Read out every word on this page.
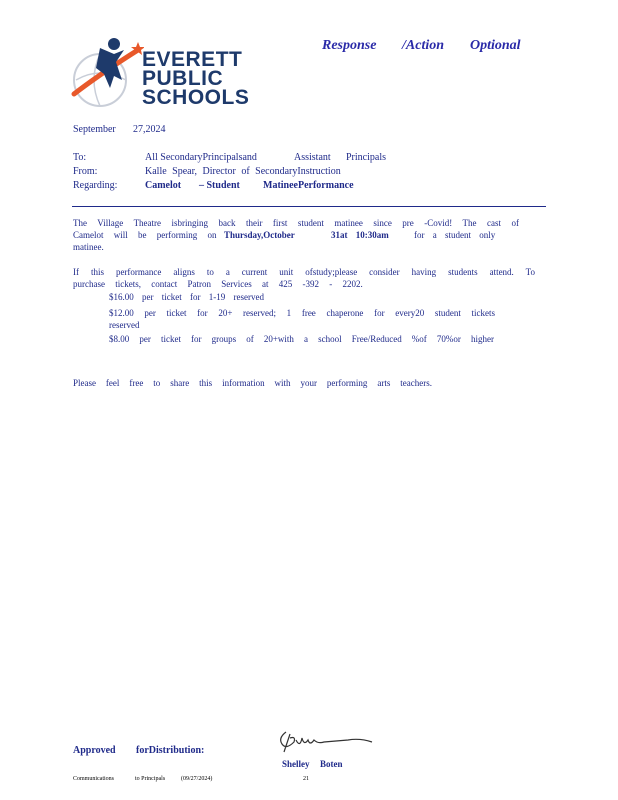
EVERETT
PUBLIC
SCHOOLS
Response /Action Optional
September 27,2024
To:	All SecondaryPrincipalsand	Assistant Principals
From:	Kalle Spear, Director of SecondaryInstruction
Regarding:	Camelot – Student MatineePerformance
The Village Theatre isbringing back their first student matinee since pre -Covid! The cast of
Camelot will be performing on Thursday,October	31at 10:30am	for a student only
matinee.
If this performance aligns to a current unit ofstudy;please consider having students attend. To
purchase tickets, contact Patron Services at 425 -392 - 2202.
$16.00 per ticket for 1-19 reserved
$12.00 per ticket for 20+ reserved; 1 free chaperone for every20 student tickets
reserved
$8.00 per ticket for groups of 20+with a school Free/Reduced %of 70%or higher
Please feel free to share this information with your performing arts teachers.
Approved forDistribution:
Shelley Boten
Communications	to Principals	(09/27/2024)	21
